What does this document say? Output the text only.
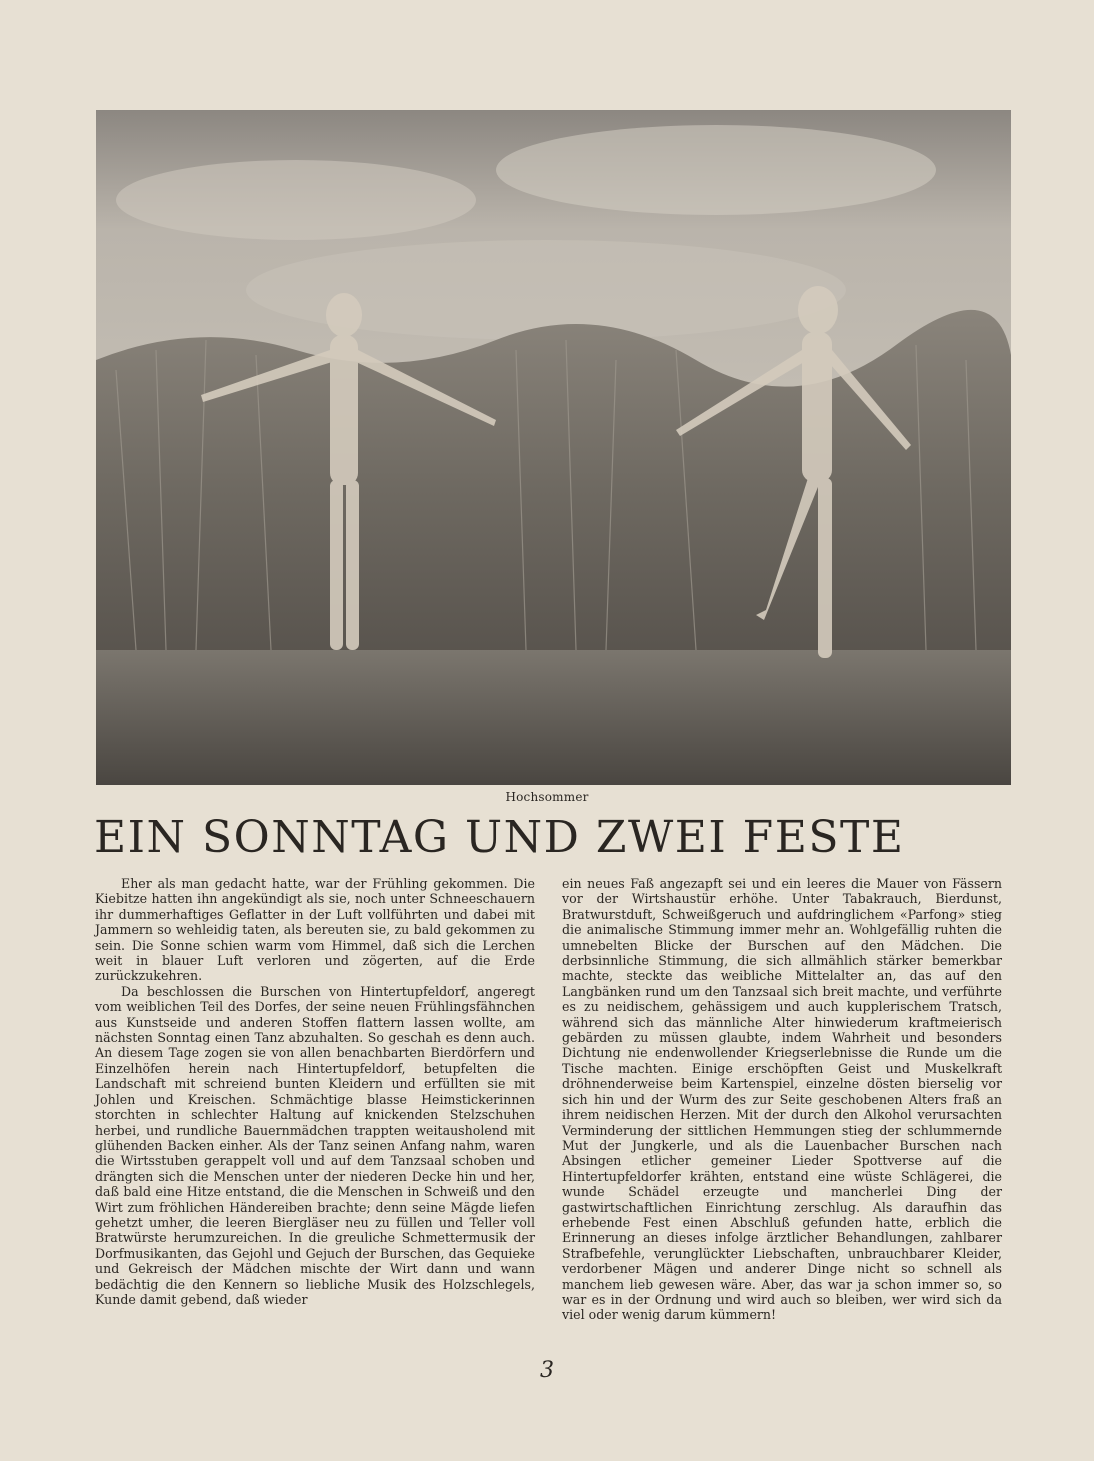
Hochsommer
EIN SONNTAG UND ZWEI FESTE

Eher als man gedacht hatte, war der Frühling gekommen. Die Kiebitze hatten ihn angekündigt als sie, noch unter Schneeschauern ihr dummerhaftiges Geflatter in der Luft vollführten und dabei mit Jammern so wehleidig taten, als bereuten sie, zu bald gekommen zu sein. Die Sonne schien warm vom Himmel, daß sich die Lerchen weit in blauer Luft verloren und zögerten, auf die Erde zurückzukehren.

Da beschlossen die Burschen von Hintertupfeldorf, angeregt vom weiblichen Teil des Dorfes, der seine neuen Frühlingsfähnchen aus Kunstseide und anderen Stoffen flattern lassen wollte, am nächsten Sonntag einen Tanz abzuhalten. So geschah es denn auch. An diesem Tage zogen sie von allen benachbarten Bierdörfern und Einzelhöfen herein nach Hintertupfeldorf, betupfelten die Landschaft mit schreiend bunten Kleidern und erfüllten sie mit Johlen und Kreischen. Schmächtige blasse Heimstickerinnen storchten in schlechter Haltung auf knickenden Stelzschuhen herbei, und rundliche Bauernmädchen trappten weitausholend mit glühenden Backen einher. Als der Tanz seinen Anfang nahm, waren die Wirtsstuben gerappelt voll und auf dem Tanzsaal schoben und drängten sich die Menschen unter der niederen Decke hin und her, daß bald eine Hitze entstand, die die Menschen in Schweiß und den Wirt zum fröhlichen Händereiben brachte; denn seine Mägde liefen gehetzt umher, die leeren Biergläser neu zu füllen und Teller voll Bratwürste herumzureichen. In die greuliche Schmettermusik der Dorfmusikanten, das Gejohl und Gejuch der Burschen, das Gequieke und Gekreisch der Mädchen mischte der Wirt dann und wann bedächtig die den Kennern so liebliche Musik des Holzschlegels, Kunde damit gebend, daß wieder

ein neues Faß angezapft sei und ein leeres die Mauer von Fässern vor der Wirtshaustür erhöhe. Unter Tabakrauch, Bierdunst, Bratwurstduft, Schweißgeruch und aufdringlichem «Parfong» stieg die animalische Stimmung immer mehr an. Wohlgefällig ruhten die umnebelten Blicke der Burschen auf den Mädchen. Die derbsinnliche Stimmung, die sich allmählich stärker bemerkbar machte, steckte das weibliche Mittelalter an, das auf den Langbänken rund um den Tanzsaal sich breit machte, und verführte es zu neidischem, gehässigem und auch kupplerischem Tratsch, während sich das männliche Alter hinwiederum kraftmeierisch gebärden zu müssen glaubte, indem Wahrheit und besonders Dichtung nie endenwollender Kriegserlebnisse die Runde um die Tische machten. Einige erschöpften Geist und Muskelkraft dröhnenderweise beim Kartenspiel, einzelne dösten bierselig vor sich hin und der Wurm des zur Seite geschobenen Alters fraß an ihrem neidischen Herzen. Mit der durch den Alkohol verursachten Verminderung der sittlichen Hemmungen stieg der schlummernde Mut der Jungkerle, und als die Lauenbacher Burschen nach Absingen etlicher gemeiner Lieder Spottverse auf die Hintertupfeldorfer krähten, entstand eine wüste Schlägerei, die wunde Schädel erzeugte und mancherlei Ding der gastwirtschaftlichen Einrichtung zerschlug. Als daraufhin das erhebende Fest einen Abschluß gefunden hatte, erblich die Erinnerung an dieses infolge ärztlicher Behandlungen, zahlbarer Strafbefehle, verunglückter Liebschaften, unbrauchbarer Kleider, verdorbener Mägen und anderer Dinge nicht so schnell als manchem lieb gewesen wäre. Aber, das war ja schon immer so, so war es in der Ordnung und wird auch so bleiben, wer wird sich da viel oder wenig darum kümmern!

3
